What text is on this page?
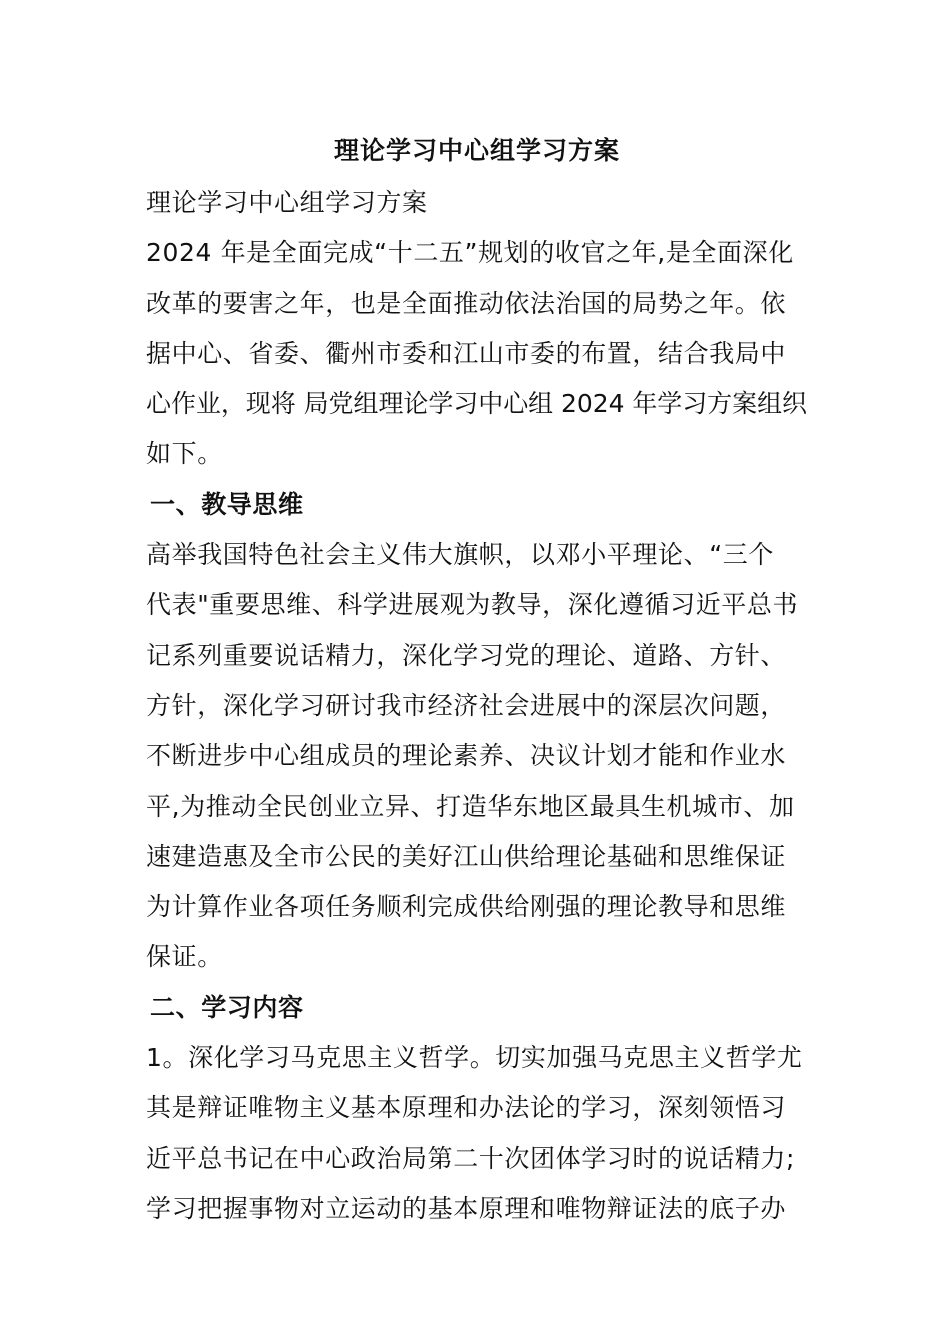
理论学习中心组学习方案

理论学习中心组学习方案

2024 年是全面完成“十二五”规划的收官之年,是全面深化
改革的要害之年，也是全面推动依法治国的局势之年。依
据中心、省委、衢州市委和江山市委的布置，结合我局中
心作业，现将 局党组理论学习中心组 2024 年学习方案组织
如下。

一、教导思维

高举我国特色社会主义伟大旗帜，以邓小平理论、“三个
代表"重要思维、科学进展观为教导，深化遵循习近平总书
记系列重要说话精力，深化学习党的理论、道路、方针、
方针，深化学习研讨我市经济社会进展中的深层次问题，
不断进步中心组成员的理论素养、决议计划才能和作业水
平,为推动全民创业立异、打造华东地区最具生机城市、加
速建造惠及全市公民的美好江山供给理论基础和思维保证
为计算作业各项任务顺利完成供给刚强的理论教导和思维
保证。

二、学习内容

1。深化学习马克思主义哲学。切实加强马克思主义哲学尤
其是辩证唯物主义基本原理和办法论的学习，深刻领悟习
近平总书记在中心政治局第二十次团体学习时的说话精力;
学习把握事物对立运动的基本原理和唯物辩证法的底子办
